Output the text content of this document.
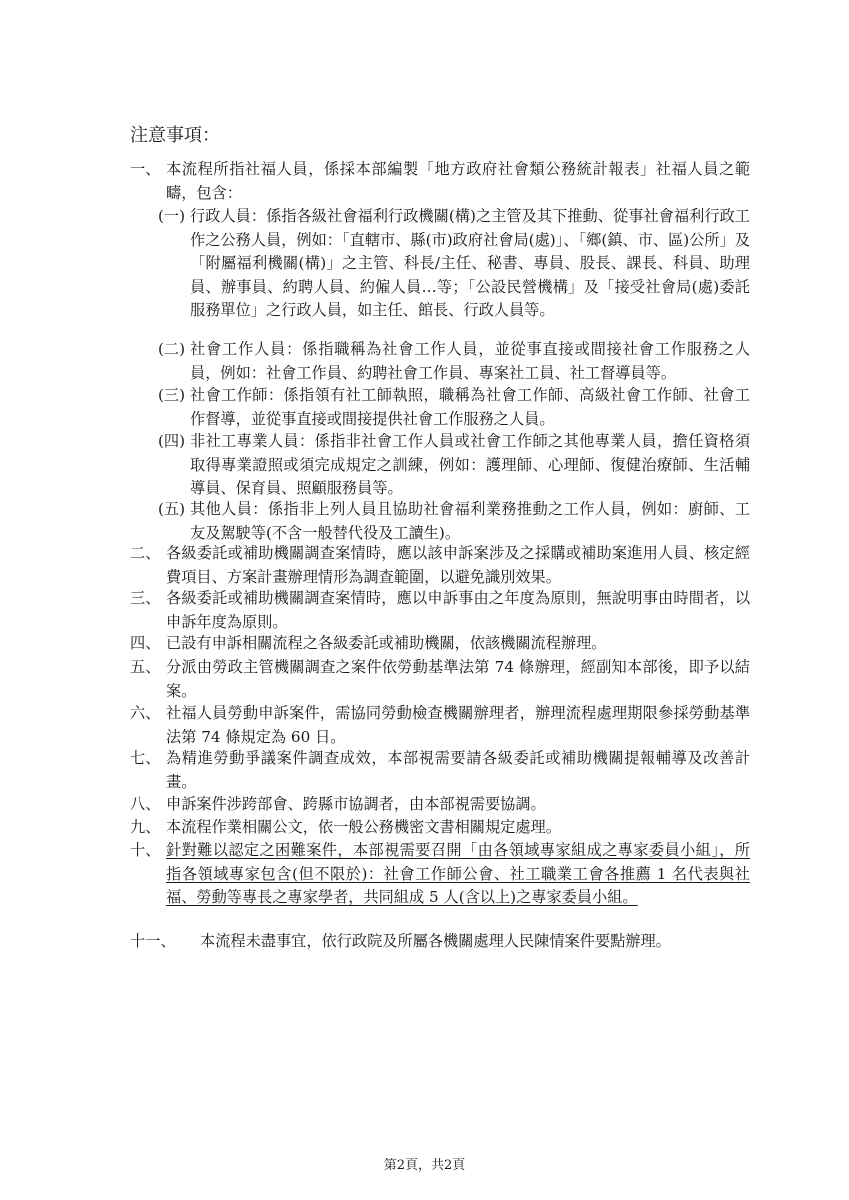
注意事項：
一、 本流程所指社福人員，係採本部編製「地方政府社會類公務統計報表」社福人員之範疇，包含：
(一) 行政人員：係指各級社會福利行政機關(構)之主管及其下推動、從事社會福利行政工作之公務人員，例如：「直轄市、縣(市)政府社會局(處)」、「鄉(鎮、市、區)公所」及「附屬福利機關(構)」之主管、科長/主任、秘書、專員、股長、課長、科員、助理員、辦事員、約聘人員、約僱人員…等；「公設民營機構」及「接受社會局(處)委託服務單位」之行政人員，如主任、館長、行政人員等。
(二) 社會工作人員：係指職稱為社會工作人員，並從事直接或間接社會工作服務之人員，例如：社會工作員、約聘社會工作員、專案社工員、社工督導員等。
(三) 社會工作師：係指領有社工師執照，職稱為社會工作師、高級社會工作師、社會工作督導，並從事直接或間接提供社會工作服務之人員。
(四) 非社工專業人員：係指非社會工作人員或社會工作師之其他專業人員，擔任資格須取得專業證照或須完成規定之訓練，例如：護理師、心理師、復健治療師、生活輔導員、保育員、照顧服務員等。
(五) 其他人員：係指非上列人員且協助社會福利業務推動之工作人員，例如：廚師、工友及駕駛等(不含一般替代役及工讀生)。
二、 各級委託或補助機關調查案情時，應以該申訴案涉及之採購或補助案進用人員、核定經費項目、方案計畫辦理情形為調查範圍，以避免識別效果。
三、 各級委託或補助機關調查案情時，應以申訴事由之年度為原則，無說明事由時間者，以申訴年度為原則。
四、 已設有申訴相關流程之各級委託或補助機關，依該機關流程辦理。
五、 分派由勞政主管機關調查之案件依勞動基準法第 74 條辦理，經副知本部後，即予以結案。
六、 社福人員勞動申訴案件，需協同勞動檢查機關辦理者，辦理流程處理期限參採勞動基準法第 74 條規定為 60 日。
七、 為精進勞動爭議案件調查成效，本部視需要請各級委託或補助機關提報輔導及改善計畫。
八、 申訴案件涉跨部會、跨縣市協調者，由本部視需要協調。
九、 本流程作業相關公文，依一般公務機密文書相關規定處理。
十、 針對難以認定之困難案件，本部視需要召開「由各領域專家組成之專家委員小組」，所指各領域專家包含(但不限於)：社會工作師公會、社工職業工會各推薦 1 名代表與社福、勞動等專長之專家學者，共同組成 5 人(含以上)之專家委員小組。
十一、 本流程未盡事宜，依行政院及所屬各機關處理人民陳情案件要點辦理。
第2頁，共2頁
